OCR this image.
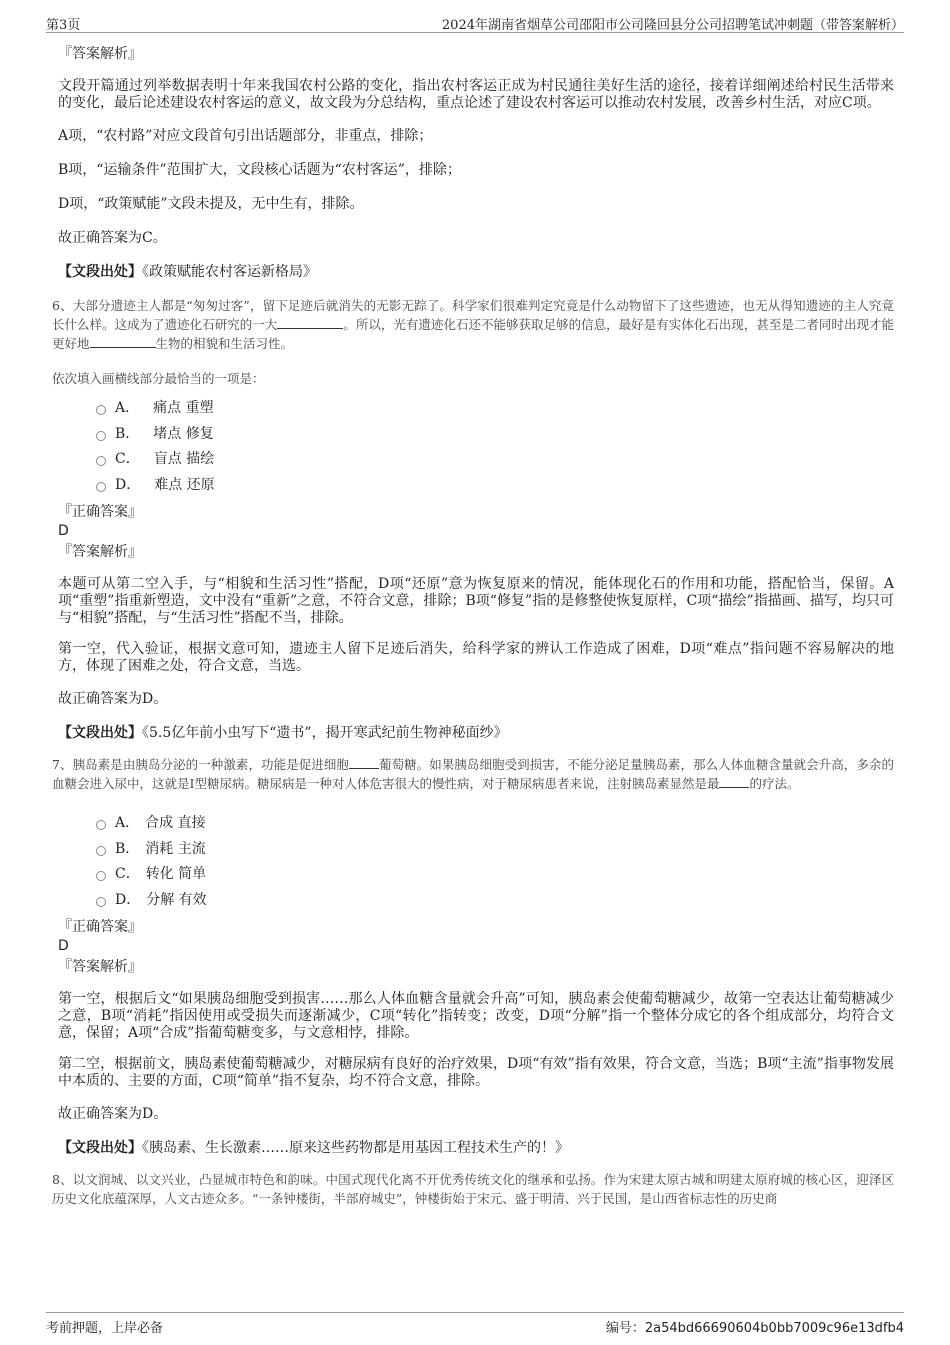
第3页	2024年湖南省烟草公司邵阳市公司隆回县分公司招聘笔试冲刺题（带答案解析）
『答案解析』
文段开篇通过列举数据表明十年来我国农村公路的变化，指出农村客运正成为村民通往美好生活的途径，接着详细阐述给村民生活带来的变化，最后论述建设农村客运的意义，故文段为分总结构，重点论述了建设农村客运可以推动农村发展，改善乡村生活，对应C项。
A项，“农村路”对应文段首句引出话题部分，非重点，排除；
B项，“运输条件”范围扩大，文段核心话题为“农村客运”，排除；
D项，“政策赋能”文段未提及，无中生有，排除。
故正确答案为C。
【文段出处】《政策赋能农村客运新格局》
6、大部分遗迹主人都是“匆匆过客”，留下足迹后就消失的无影无踪了。科学家们很难判定究竟是什么动物留下了这些遗迹，也无从得知遗迹的主人究竟长什么样。这成为了遗迹化石研究的一大	。所以，光有遗迹化石还不能够获取足够的信息，最好是有实体化石出现，甚至是二者同时出现才能更好地	生物的相貌和生活习性。
依次填入画横线部分最恰当的一项是：
A． 痛点 重塑
B． 堵点 修复
C． 盲点 描绘
D． 难点 还原
『正确答案』
D
『答案解析』
本题可从第二空入手，与“相貌和生活习性”搭配，D项“还原”意为恢复原来的情况，能体现化石的作用和功能，搭配恰当，保留。A项“重塑”指重新塑造，文中没有“重新”之意，不符合文意，排除；B项“修复”指的是修整使恢复原样，C项“描绘”指描画、描写，均只可与“相貌”搭配，与“生活习性”搭配不当，排除。
第一空，代入验证，根据文意可知，遗迹主人留下足迹后消失，给科学家的辨认工作造成了困难，D项“难点”指问题不容易解决的地方，体现了困难之处，符合文意，当选。
故正确答案为D。
【文段出处】《5.5亿年前小虫写下“遗书”，揭开寒武纪前生物神秘面纱》
7、胰岛素是由胰岛分泌的一种激素，功能是促进细胞 葡萄糖。如果胰岛细胞受到损害，不能分泌足量胰岛素，那么人体血糖含量就会升高，多余的血糖会进入尿中，这就是I型糖尿病。糖尿病是一种对人体危害很大的慢性病，对于糖尿病患者来说，注射胰岛素显然是最 的疗法。
A． 合成 直接
B． 消耗 主流
C． 转化 简单
D． 分解 有效
『正确答案』
D
『答案解析』
第一空，根据后文“如果胰岛细胞受到损害……那么人体血糖含量就会升高”可知，胰岛素会使葡萄糖减少，故第一空表达让葡萄糖减少之意，B项“消耗”指因使用或受损失而逐渐减少，C项“转化”指转变；改变，D项“分解”指一个整体分成它的各个组成部分，均符合文意，保留；A项“合成”指葡萄糖变多，与文意相悖，排除。
第二空，根据前文，胰岛素使葡萄糖减少，对糖尿病有良好的治疗效果，D项“有效”指有效果，符合文意，当选；B项“主流”指事物发展中本质的、主要的方面，C项“简单”指不复杂，均不符合文意，排除。
故正确答案为D。
【文段出处】《胰岛素、生长激素……原来这些药物都是用基因工程技术生产的！》
8、以文润城、以文兴业，凸显城市特色和韵味。中国式现代化离不开优秀传统文化的继承和弘扬。作为宋建太原古城和明建太原府城的核心区，迎泽区历史文化底蕴深厚，人文古迹众多。“一条钟楼街，半部府城史”，钟楼街始于宋元、盛于明清、兴于民国，是山西省标志性的历史商
考前押题，上岸必备	编号：2a54bd66690604b0bb7009c96e13dfb4
